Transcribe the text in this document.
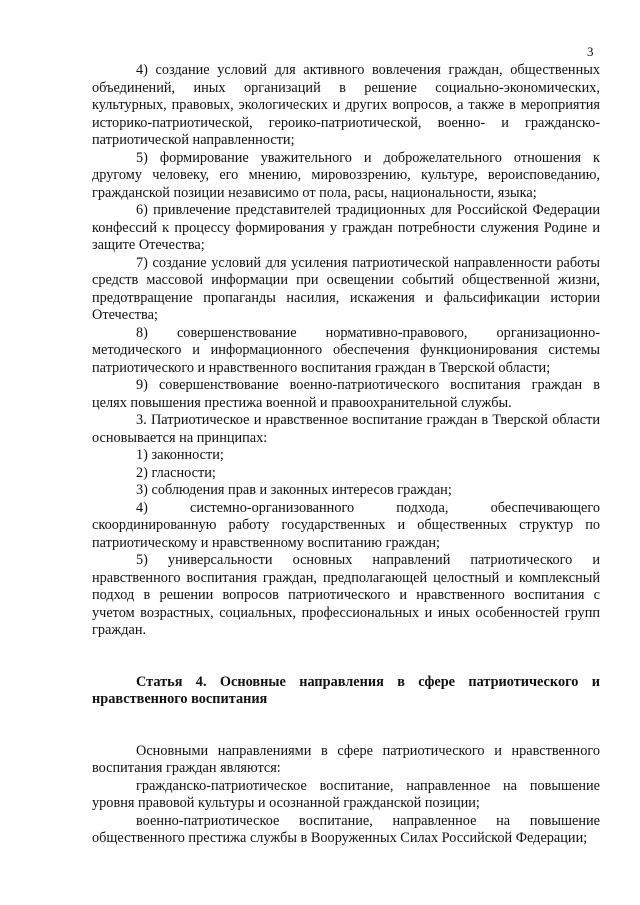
3

4) создание условий для активного вовлечения граждан, общественных объединений, иных организаций в решение социально-экономических, культурных, правовых, экологических и других вопросов, а также в мероприятия историко-патриотической, героико-патриотической, военно- и гражданско-патриотической направленности;

5) формирование уважительного и доброжелательного отношения к другому человеку, его мнению, мировоззрению, культуре, вероисповеданию, гражданской позиции независимо от пола, расы, национальности, языка;

6) привлечение представителей традиционных для Российской Федерации конфессий к процессу формирования у граждан потребности служения Родине и защите Отечества;

7) создание условий для усиления патриотической направленности работы средств массовой информации при освещении событий общественной жизни, предотвращение пропаганды насилия, искажения и фальсификации истории Отечества;

8) совершенствование нормативно-правового, организационно-методического и информационного обеспечения функционирования системы патриотического и нравственного воспитания граждан в Тверской области;

9) совершенствование военно-патриотического воспитания граждан в целях повышения престижа военной и правоохранительной службы.

3. Патриотическое и нравственное воспитание граждан в Тверской области основывается на принципах:

1) законности;

2) гласности;

3) соблюдения прав и законных интересов граждан;

4) системно-организованного подхода, обеспечивающего скоординированную работу государственных и общественных структур по патриотическому и нравственному воспитанию граждан;

5) универсальности основных направлений патриотического и нравственного воспитания граждан, предполагающей целостный и комплексный подход в решении вопросов патриотического и нравственного воспитания с учетом возрастных, социальных, профессиональных и иных особенностей групп граждан.

Статья 4. Основные направления в сфере патриотического и нравственного воспитания

Основными направлениями в сфере патриотического и нравственного воспитания граждан являются:

гражданско-патриотическое воспитание, направленное на повышение уровня правовой культуры и осознанной гражданской позиции;

военно-патриотическое воспитание, направленное на повышение общественного престижа службы в Вооруженных Силах Российской Федерации;
